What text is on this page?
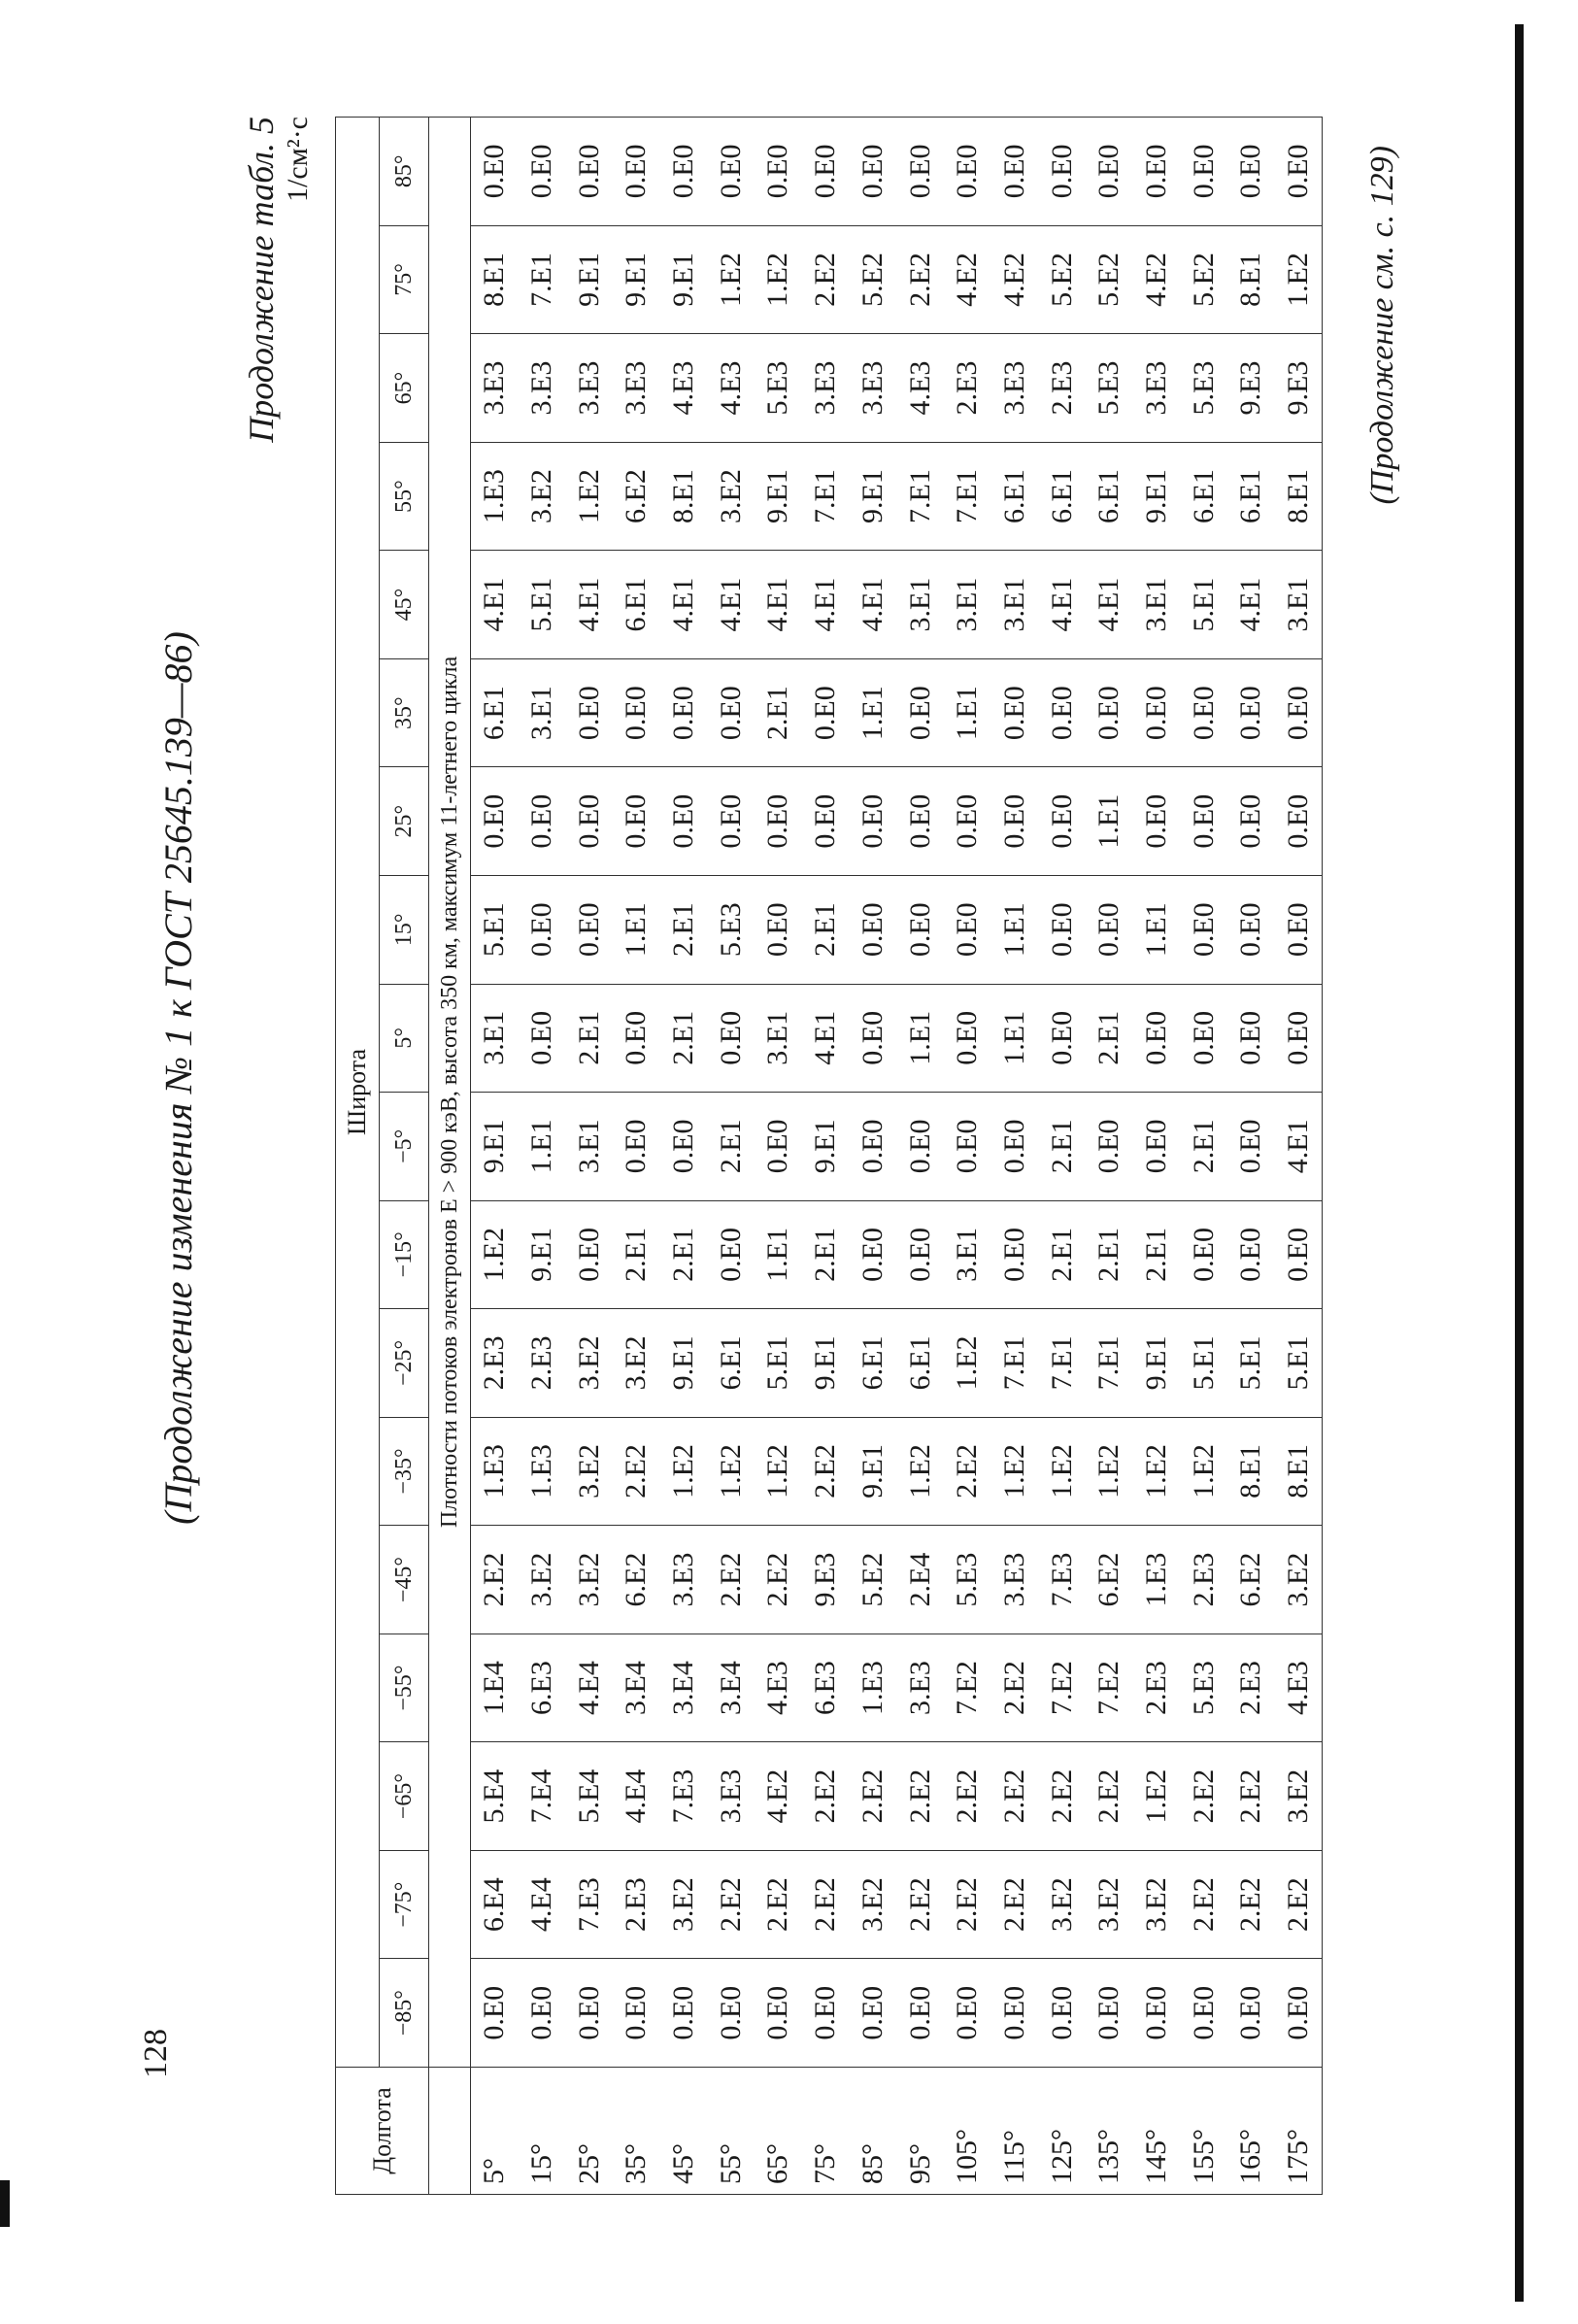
128
(Продолжение изменения № 1 к ГОСТ 25645.139—86)
Продолжение табл. 5 1/см²·с
Долгота	Широта																	
	−85°	−75°	−65°	−55°	−45°	−35°	−25°	−15°	−5°	5°	15°	25°	35°	45°	55°	65°	75°	85°
	Плотности потоков электронов E > 900 кэВ, высота 350 км, максимум 11-летнего цикла																	
5°	0.E0	6.E4	5.E4	1.E4	2.E2	1.E3	2.E3	1.E2	9.E1	3.E1	5.E1	0.E0	6.E1	4.E1	1.E3	3.E3	8.E1	0.E0
15°	0.E0	4.E4	7.E4	6.E3	3.E2	1.E3	2.E3	9.E1	1.E1	0.E0	0.E0	0.E0	3.E1	5.E1	3.E2	3.E3	7.E1	0.E0
25°	0.E0	7.E3	5.E4	4.E4	3.E2	3.E2	3.E2	0.E0	3.E1	2.E1	0.E0	0.E0	0.E0	4.E1	1.E2	3.E3	9.E1	0.E0
35°	0.E0	2.E3	4.E4	3.E4	6.E2	2.E2	3.E2	2.E1	0.E0	0.E0	1.E1	0.E0	0.E0	6.E1	6.E2	3.E3	9.E1	0.E0
45°	0.E0	3.E2	7.E3	3.E4	3.E3	1.E2	9.E1	2.E1	0.E0	2.E1	2.E1	0.E0	0.E0	4.E1	8.E1	4.E3	9.E1	0.E0
55°	0.E0	2.E2	3.E3	3.E4	2.E2	1.E2	6.E1	0.E0	2.E1	0.E0	5.E3	0.E0	0.E0	4.E1	3.E2	4.E3	1.E2	0.E0
65°	0.E0	2.E2	4.E2	4.E3	2.E2	1.E2	5.E1	1.E1	0.E0	3.E1	0.E0	0.E0	2.E1	4.E1	9.E1	5.E3	1.E2	0.E0
75°	0.E0	2.E2	2.E2	6.E3	9.E3	2.E2	9.E1	2.E1	9.E1	4.E1	2.E1	0.E0	0.E0	4.E1	7.E1	3.E3	2.E2	0.E0
85°	0.E0	3.E2	2.E2	1.E3	5.E2	9.E1	6.E1	0.E0	0.E0	0.E0	0.E0	0.E0	1.E1	4.E1	9.E1	3.E3	5.E2	0.E0
95°	0.E0	2.E2	2.E2	3.E3	2.E4	1.E2	6.E1	0.E0	0.E0	1.E1	0.E0	0.E0	0.E0	3.E1	7.E1	4.E3	2.E2	0.E0
105°	0.E0	2.E2	2.E2	7.E2	5.E3	2.E2	1.E2	3.E1	0.E0	0.E0	0.E0	0.E0	1.E1	3.E1	7.E1	2.E3	4.E2	0.E0
115°	0.E0	2.E2	2.E2	2.E2	3.E3	1.E2	7.E1	0.E0	0.E0	1.E1	1.E1	0.E0	0.E0	3.E1	6.E1	3.E3	4.E2	0.E0
125°	0.E0	3.E2	2.E2	7.E2	7.E3	1.E2	7.E1	2.E1	2.E1	0.E0	0.E0	0.E0	0.E0	4.E1	6.E1	2.E3	5.E2	0.E0
135°	0.E0	3.E2	2.E2	7.E2	6.E2	1.E2	7.E1	2.E1	0.E0	2.E1	0.E0	1.E1	0.E0	4.E1	6.E1	5.E3	5.E2	0.E0
145°	0.E0	3.E2	1.E2	2.E3	1.E3	1.E2	9.E1	2.E1	0.E0	0.E0	1.E1	0.E0	0.E0	3.E1	9.E1	3.E3	4.E2	0.E0
155°	0.E0	2.E2	2.E2	5.E3	2.E3	1.E2	5.E1	0.E0	2.E1	0.E0	0.E0	0.E0	0.E0	5.E1	6.E1	5.E3	5.E2	0.E0
165°	0.E0	2.E2	2.E2	2.E3	6.E2	8.E1	5.E1	0.E0	0.E0	0.E0	0.E0	0.E0	0.E0	4.E1	6.E1	9.E3	8.E1	0.E0
175°	0.E0	2.E2	3.E2	4.E3	3.E2	8.E1	5.E1	0.E0	4.E1	0.E0	0.E0	0.E0	0.E0	3.E1	8.E1	9.E3	1.E2	0.E0 (Продолжение см. с. 129)
